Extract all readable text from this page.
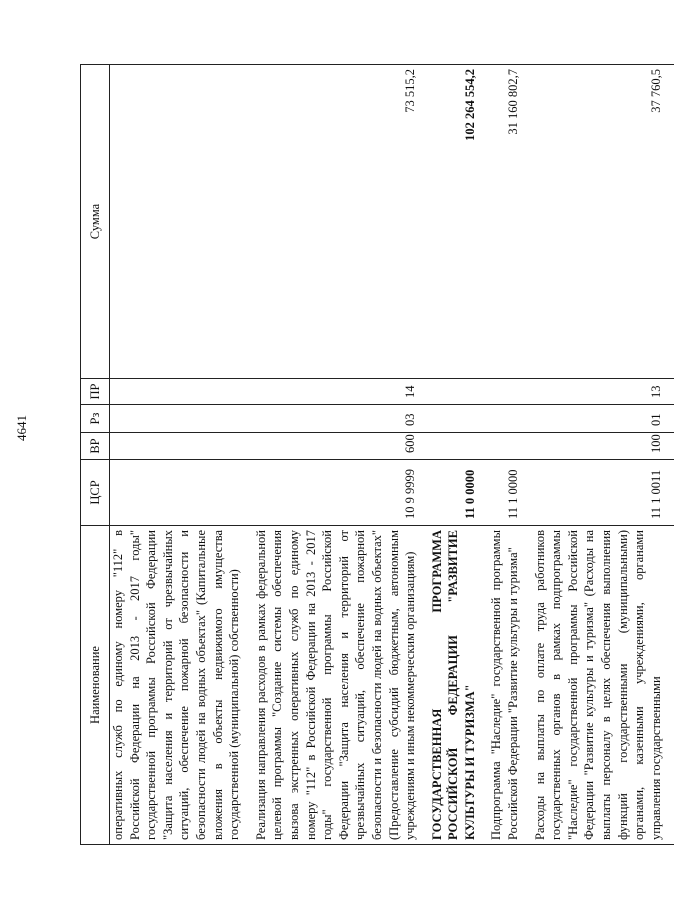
4641
Наименование	ЦСР	ВР	Рз	ПР	Сумма
оперативных служб по единому номеру "112" в Российской Федерации на 2013 - 2017 годы" государственной программы Российской Федерации "Защита населения и территорий от чрезвычайных ситуаций, обеспечение пожарной безопасности и безопасности людей на водных объектах" (Капитальные вложения в объекты недвижимого имущества государственной (муниципальной) собственности)					
Реализация направления расходов в рамках федеральной целевой программы "Создание системы обеспечения вызова экстренных оперативных служб по единому номеру "112" в Российской Федерации на 2013 - 2017 годы" государственной программы Российской Федерации "Защита населения и территорий от чрезвычайных ситуаций, обеспечение пожарной безопасности и безопасности людей на водных объектах" (Предоставление субсидий бюджетным, автономным учреждениям и иным некоммерческим организациям)	10 9 9999	600	03	14	73 515,2
ГОСУДАРСТВЕННАЯ ПРОГРАММА РОССИЙСКОЙ ФЕДЕРАЦИИ "РАЗВИТИЕ КУЛЬТУРЫ И ТУРИЗМА"	11 0 0000				102 264 554,2
Подпрограмма "Наследие" государственной программы Российской Федерации "Развитие культуры и туризма"	11 1 0000				31 160 802,7
Расходы на выплаты по оплате труда работников государственных органов в рамках подпрограммы "Наследие" государственной программы Российской Федерации "Развитие культуры и туризма" (Расходы на выплаты персоналу в целях обеспечения выполнения функций государственными (муниципальными) органами, казенными учреждениями, органами управления государственными	11 1 0011	100	01	13	37 760,5
